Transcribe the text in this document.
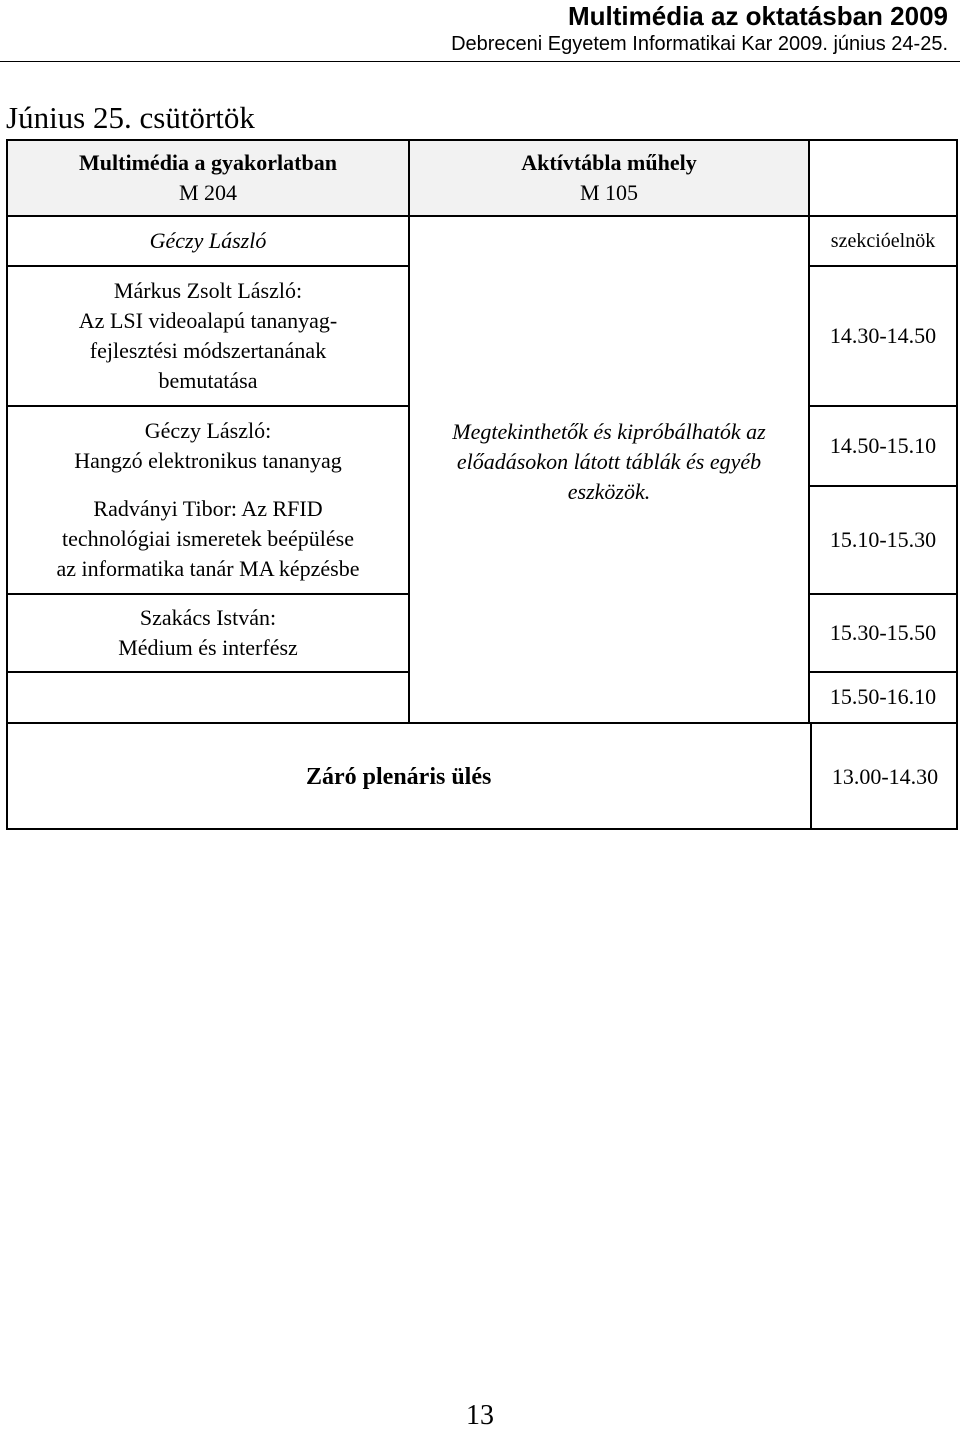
Multimédia az oktatásban 2009

Debreceni Egyetem Informatikai Kar 2009. június 24-25.

Június 25. csütörtök
Multimédia a gyakorlatban
M 204
Aktívtábla műhely
M 105
Géczy László	szekcióelnök
Márkus Zsolt László:
Az LSI videoalapú tananyag-
fejlesztési módszertanának
bemutatása
Géczy László:
Hangzó elektronikus tananyag
Radványi Tibor: Az RFID
technológiai ismeretek beépülése
az informatika tanár MA képzésbe
Szakács István:
Médium és interfész
Megtekinthetők és kipróbálhatók az
előadásokon látott táblák és egyéb
eszközök.
14.30-14.50
14.50-15.10
15.10-15.30
15.30-15.50
15.50-16.10
Záró plenáris ülés	13.00-14.30
13
